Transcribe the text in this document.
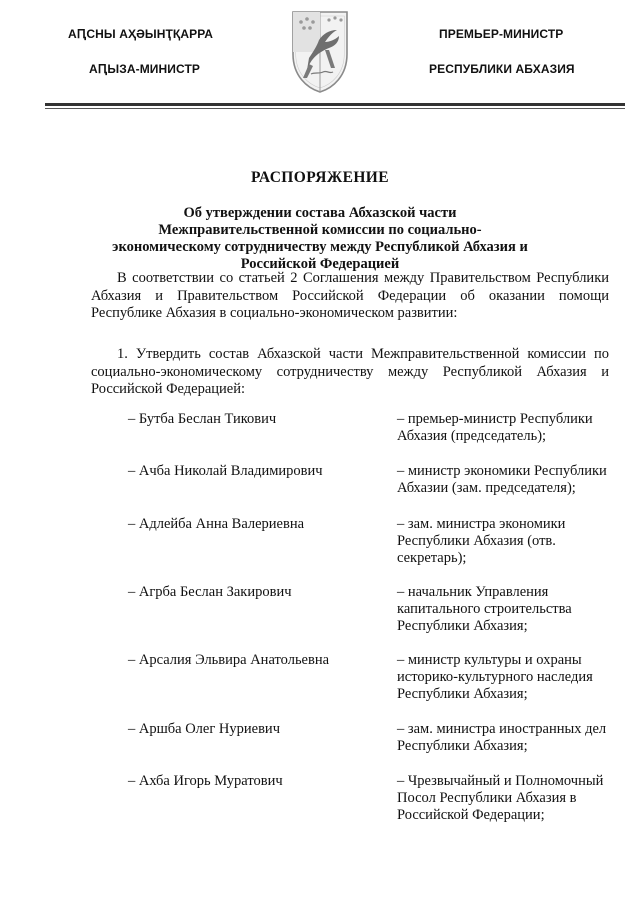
АԤСНЫ АҲӘЫНҬҚАРРА
АԤЫЗА-МИНИСТР
ПРЕМЬЕР-МИНИСТР
РЕСПУБЛИКИ АБХАЗИЯ
РАСПОРЯЖЕНИЕ
Об утверждении состава Абхазской части Межправительственной комиссии по социально-экономическому сотрудничеству между Республикой Абхазия и Российской Федерацией
В соответствии со статьей 2 Соглашения между Правительством Республики Абхазия и Правительством Российской Федерации об оказании помощи Республике Абхазия в социально-экономическом развитии:
1. Утвердить состав Абхазской части Межправительственной комиссии по социально-экономическому сотрудничеству между Республикой Абхазия и Российской Федерацией:
– Бутба Беслан Тикович	– премьер-министр Республики Абхазия (председатель);
– Ачба Николай Владимирович	– министр экономики Республики Абхазии (зам. председателя);
– Адлейба Анна Валериевна	– зам. министра экономики Республики Абхазия (отв. секретарь);
– Агрба Беслан Закирович	– начальник Управления капитального строительства Республики Абхазия;
– Арсалия Эльвира Анатольевна	– министр культуры и охраны историко-культурного наследия Республики Абхазия;
– Аршба Олег Нуриевич	– зам. министра иностранных дел Республики Абхазия;
– Ахба Игорь Муратович	– Чрезвычайный и Полномочный Посол Республики Абхазия в Российской Федерации;
